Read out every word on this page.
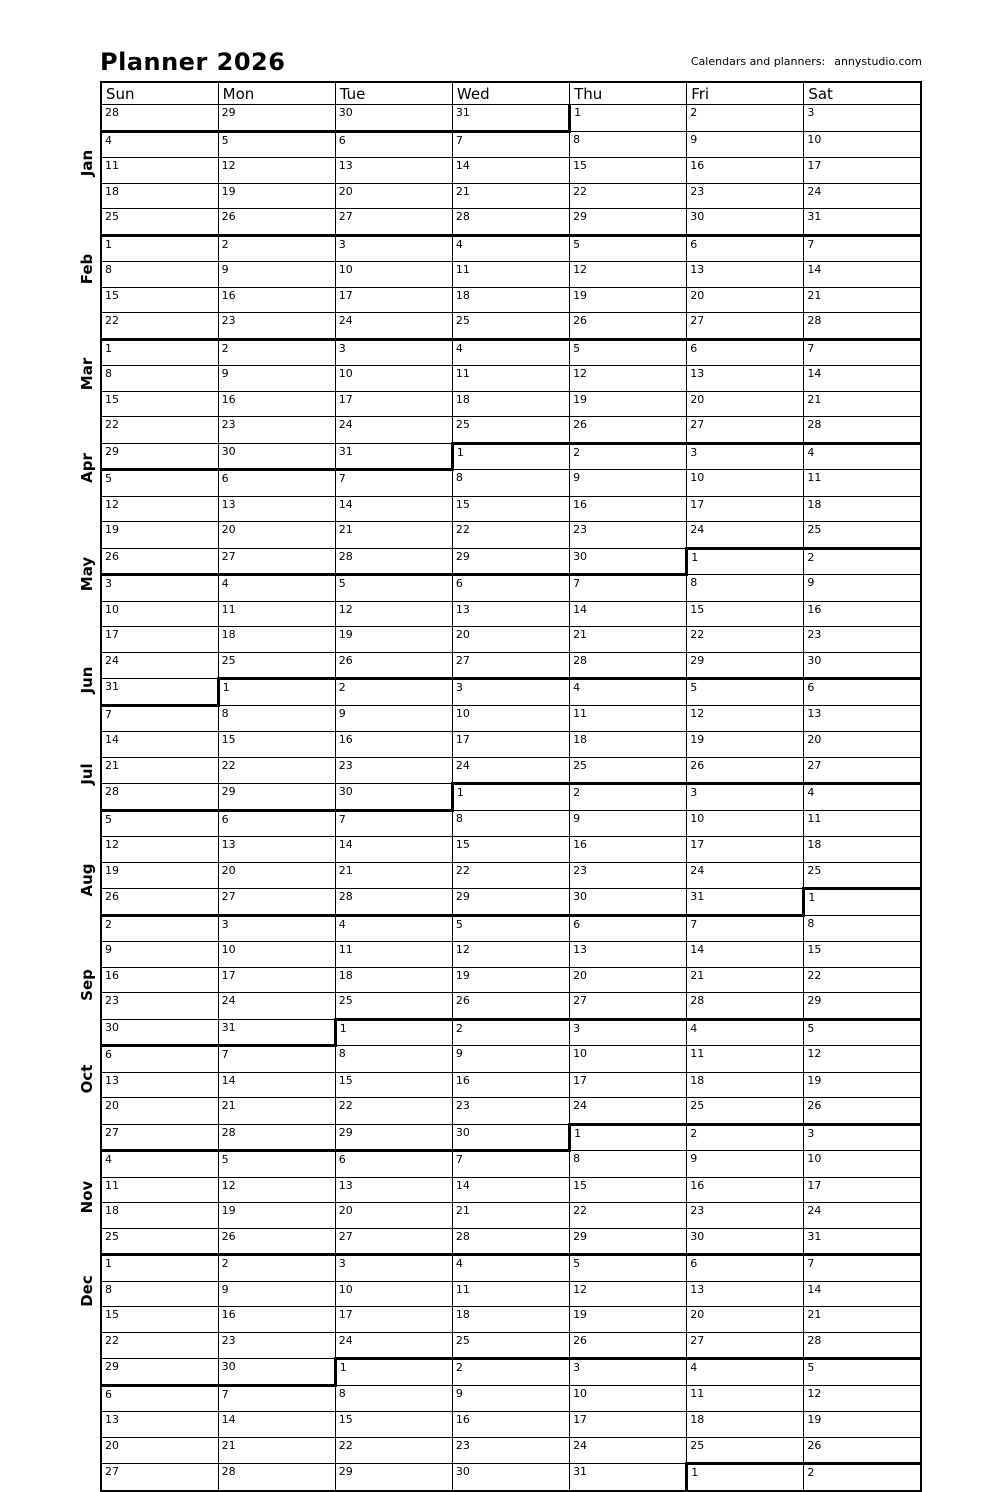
Planner 2026	Calendars and planners: annystudio.com
Sun	Mon	Tue	Wed	Thu	Fri	Sat
28	29	30	31	1	2	3
4	5	6	7	8	9	10
11	12	13	14	15	16	17
18	19	20	21	22	23	24
25	26	27	28	29	30	31
1	2	3	4	5	6	7
8	9	10	11	12	13	14
15	16	17	18	19	20	21
22	23	24	25	26	27	28
1	2	3	4	5	6	7
8	9	10	11	12	13	14
15	16	17	18	19	20	21
22	23	24	25	26	27	28
29	30	31	1	2	3	4
5	6	7	8	9	10	11
12	13	14	15	16	17	18
19	20	21	22	23	24	25
26	27	28	29	30	1	2
3	4	5	6	7	8	9
10	11	12	13	14	15	16
17	18	19	20	21	22	23
24	25	26	27	28	29	30
31	1	2	3	4	5	6
7	8	9	10	11	12	13
14	15	16	17	18	19	20
21	22	23	24	25	26	27
28	29	30	1	2	3	4
5	6	7	8	9	10	11
12	13	14	15	16	17	18
19	20	21	22	23	24	25
26	27	28	29	30	31	1
2	3	4	5	6	7	8
9	10	11	12	13	14	15
16	17	18	19	20	21	22
23	24	25	26	27	28	29
30	31	1	2	3	4	5
6	7	8	9	10	11	12
13	14	15	16	17	18	19
20	21	22	23	24	25	26
27	28	29	30	1	2	3
4	5	6	7	8	9	10
11	12	13	14	15	16	17
18	19	20	21	22	23	24
25	26	27	28	29	30	31
1	2	3	4	5	6	7
8	9	10	11	12	13	14
15	16	17	18	19	20	21
22	23	24	25	26	27	28
29	30	1	2	3	4	5
6	7	8	9	10	11	12
13	14	15	16	17	18	19
20	21	22	23	24	25	26
27	28	29	30	31	1	2
Jan
Feb
Mar
Apr
May
Jun
Jul
Aug
Sep
Oct
Nov
Dec
